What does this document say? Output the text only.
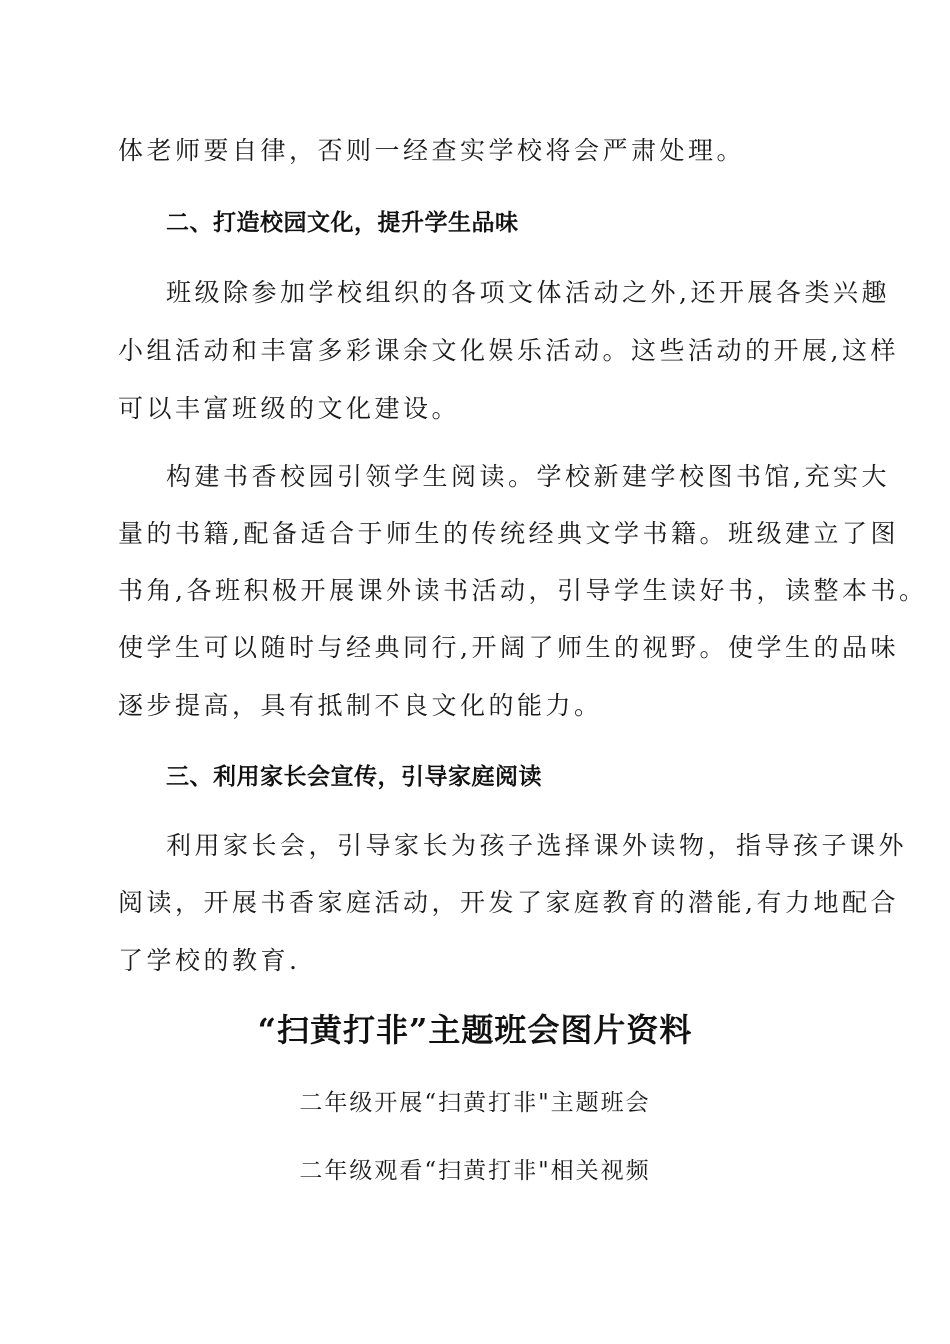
体老师要自律，否则一经查实学校将会严肃处理。
二、打造校园文化，提升学生品味
班级除参加学校组织的各项文体活动之外,还开展各类兴趣
小组活动和丰富多彩课余文化娱乐活动。这些活动的开展,这样
可以丰富班级的文化建设。
构建书香校园引领学生阅读。学校新建学校图书馆,充实大
量的书籍,配备适合于师生的传统经典文学书籍。班级建立了图
书角,各班积极开展课外读书活动，引导学生读好书，读整本书。
使学生可以随时与经典同行,开阔了师生的视野。使学生的品味
逐步提高，具有抵制不良文化的能力。
三、利用家长会宣传，引导家庭阅读
利用家长会，引导家长为孩子选择课外读物，指导孩子课外
阅读，开展书香家庭活动，开发了家庭教育的潜能,有力地配合
了学校的教育.
“扫黄打非”主题班会图片资料
二年级开展“扫黄打非"主题班会
二年级观看“扫黄打非"相关视频
